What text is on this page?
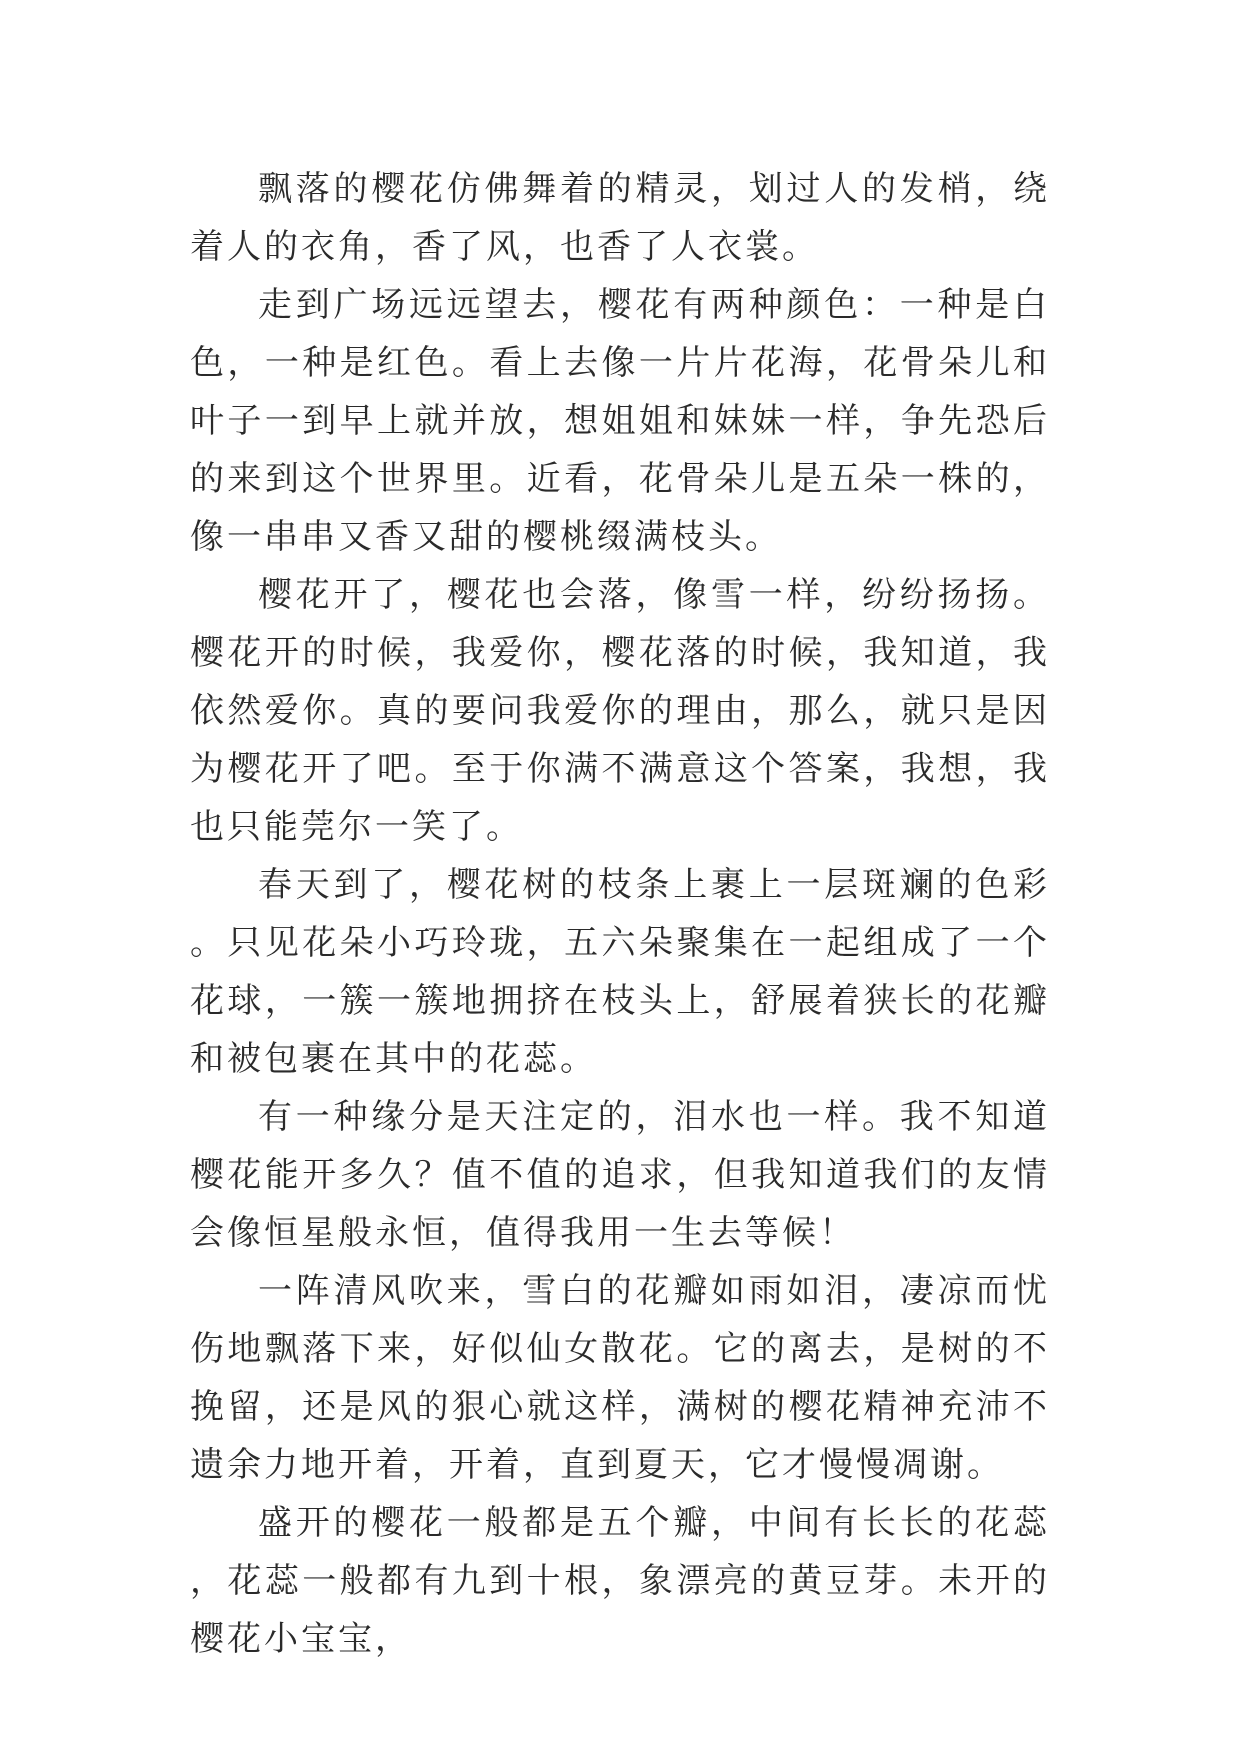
飘落的樱花仿佛舞着的精灵，划过人的发梢，绕着人的衣角，香了风，也香了人衣裳。

走到广场远远望去，樱花有两种颜色：一种是白色，一种是红色。看上去像一片片花海，花骨朵儿和叶子一到早上就并放，想姐姐和妹妹一样，争先恐后的来到这个世界里。近看，花骨朵儿是五朵一株的，像一串串又香又甜的樱桃缀满枝头。

樱花开了，樱花也会落，像雪一样，纷纷扬扬。樱花开的时候，我爱你，樱花落的时候，我知道，我依然爱你。真的要问我爱你的理由，那么，就只是因为樱花开了吧。至于你满不满意这个答案，我想，我也只能莞尔一笑了。

春天到了，樱花树的枝条上裹上一层斑斓的色彩。只见花朵小巧玲珑，五六朵聚集在一起组成了一个花球，一簇一簇地拥挤在枝头上，舒展着狭长的花瓣和被包裹在其中的花蕊。

有一种缘分是天注定的，泪水也一样。我不知道樱花能开多久？值不值的追求，但我知道我们的友情会像恒星般永恒，值得我用一生去等候！

一阵清风吹来，雪白的花瓣如雨如泪，凄凉而忧伤地飘落下来，好似仙女散花。它的离去，是树的不挽留，还是风的狠心就这样，满树的樱花精神充沛不遗余力地开着，开着，直到夏天，它才慢慢凋谢。

盛开的樱花一般都是五个瓣，中间有长长的花蕊，花蕊一般都有九到十根，象漂亮的黄豆芽。未开的樱花小宝宝，
